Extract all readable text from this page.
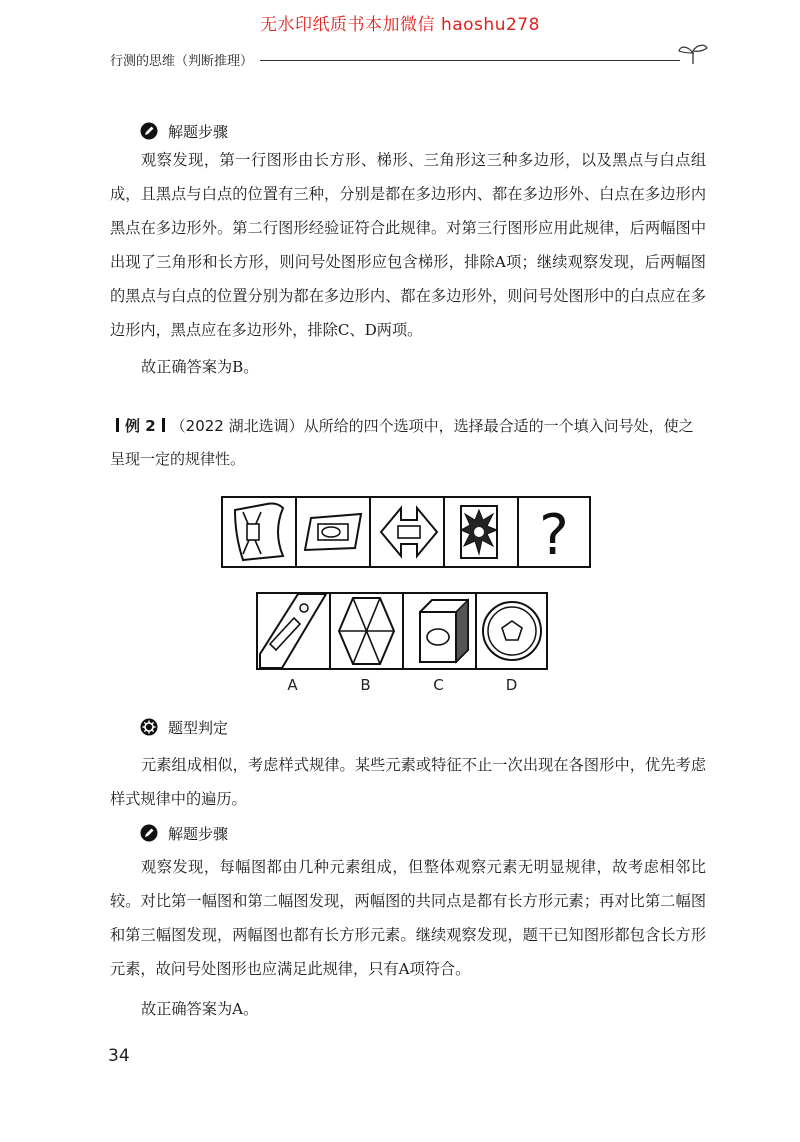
无水印纸质书本加微信 haoshu278
行测的思维（判断推理）
解题步骤
观察发现，第一行图形由长方形、梯形、三角形这三种多边形，以及黑点与白点组成，且黑点与白点的位置有三种，分别是都在多边形内、都在多边形外、白点在多边形内黑点在多边形外。第二行图形经验证符合此规律。对第三行图形应用此规律，后两幅图中出现了三角形和长方形，则问号处图形应包含梯形，排除A项；继续观察发现，后两幅图的黑点与白点的位置分别为都在多边形内、都在多边形外，则问号处图形中的白点应在多边形内，黑点应在多边形外，排除C、D两项。
故正确答案为B。
例 2 （2022 湖北选调）从所给的四个选项中，选择最合适的一个填入问号处，使之呈现一定的规律性。
?
A	B	C	D
题型判定
元素组成相似，考虑样式规律。某些元素或特征不止一次出现在各图形中，优先考虑样式规律中的遍历。
解题步骤
观察发现，每幅图都由几种元素组成，但整体观察元素无明显规律，故考虑相邻比较。对比第一幅图和第二幅图发现，两幅图的共同点是都有长方形元素；再对比第二幅图和第三幅图发现，两幅图也都有长方形元素。继续观察发现，题干已知图形都包含长方形元素，故问号处图形也应满足此规律，只有A项符合。
故正确答案为A。
34
